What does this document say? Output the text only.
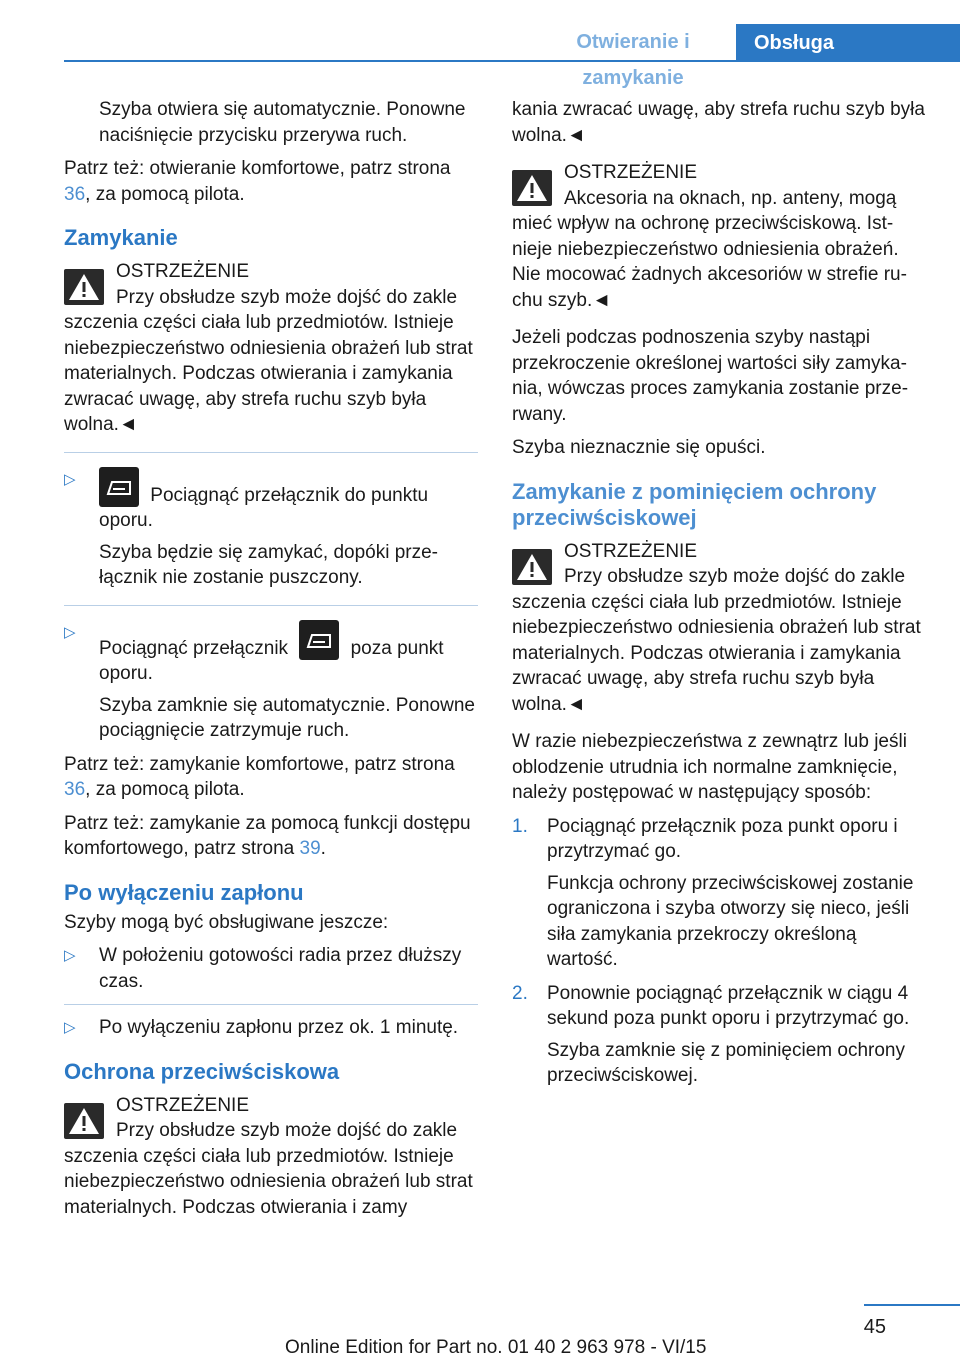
Otwieranie i zamykanie
Obsługa

Szyba otwiera się automatycznie. Ponowne naciśnięcie przycisku przerywa ruch.

Patrz też: otwieranie komfortowe, patrz strona 36, za pomocą pilota.

Zamykanie
OSTRZEŻENIE
Przy obsłudze szyb może dojść do zakle
szczenia części ciała lub przedmiotów. Istnieje niebezpieczeństwo odniesienia obrażeń lub strat materialnych. Podczas otwierania i zamykania zwracać uwagę, aby strefa ruchu szyb była wolna.◄
▷
Pociągnąć przełącznik do punktu oporu.
Szyba będzie się zamykać, dopóki przełącznik nie zostanie puszczony.
▷
Pociągnąć przełącznik	poza punkt oporu.
Szyba zamknie się automatycznie. Ponowne pociągnięcie zatrzymuje ruch.

Patrz też: zamykanie komfortowe, patrz strona 36, za pomocą pilota.

Patrz też: zamykanie za pomocą funkcji dostępu komfortowego, patrz strona 39.

Po wyłączeniu zapłonu

Szyby mogą być obsługiwane jeszcze:

▷ W położeniu gotowości radia przez dłuższy czas.
▷ Po wyłączeniu zapłonu przez ok. 1 minutę.
Ochrona przeciwściskowa
OSTRZEŻENIE
Przy obsłudze szyb może dojść do zakle
szczenia części ciała lub przedmiotów. Istnieje niebezpieczeństwo odniesienia obrażeń lub strat materialnych. Podczas otwierania i zamy

kania zwracać uwagę, aby strefa ruchu szyb była wolna.◄

OSTRZEŻENIE
Akcesoria na oknach, np. anteny, mogą
mieć wpływ na ochronę przeciwściskową. Istnieje niebezpieczeństwo odniesienia obrażeń. Nie mocować żadnych akcesoriów w strefie ruchu szyb.◄

Jeżeli podczas podnoszenia szyby nastąpi przekroczenie określonej wartości siły zamykania, wówczas proces zamykania zostanie przerwany.

Szyba nieznacznie się opuści.

Zamykanie z pominięciem ochrony przeciwściskowej
OSTRZEŻENIE
Przy obsłudze szyb może dojść do zakle
szczenia części ciała lub przedmiotów. Istnieje niebezpieczeństwo odniesienia obrażeń lub strat materialnych. Podczas otwierania i zamykania zwracać uwagę, aby strefa ruchu szyb była wolna.◄

W razie niebezpieczeństwa z zewnątrz lub jeśli oblodzenie utrudnia ich normalne zamknięcie, należy postępować w następujący sposób:

1. Pociągnąć przełącznik poza punkt oporu i przytrzymać go.
Funkcja ochrony przeciwściskowej zostanie ograniczona i szyba otworzy się nieco, jeśli siła zamykania przekroczy określoną wartość.
2. Ponownie pociągnąć przełącznik w ciągu 4 sekund poza punkt oporu i przytrzymać go.
Szyba zamknie się z pominięciem ochrony przeciwściskowej.
45
Online Edition for Part no. 01 40 2 963 978 - VI/15
